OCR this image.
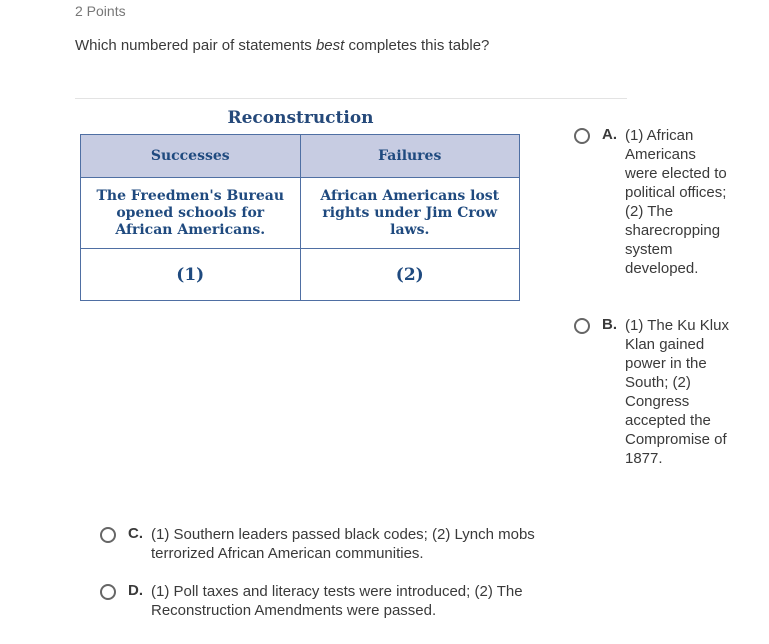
2 Points
Which numbered pair of statements best completes this table?
Reconstruction
Successes	Failures
The Freedmen's Bureau opened schools for African Americans.	African Americans lost rights under Jim Crow laws.
(1)	(2)
A. (1) African Americans were elected to political offices; (2) The sharecropping system developed.
B. (1) The Ku Klux Klan gained power in the South; (2) Congress accepted the Compromise of 1877.
C. (1) Southern leaders passed black codes; (2) Lynch mobs terrorized African American communities.
D. (1) Poll taxes and literacy tests were introduced; (2) The Reconstruction Amendments were passed.
